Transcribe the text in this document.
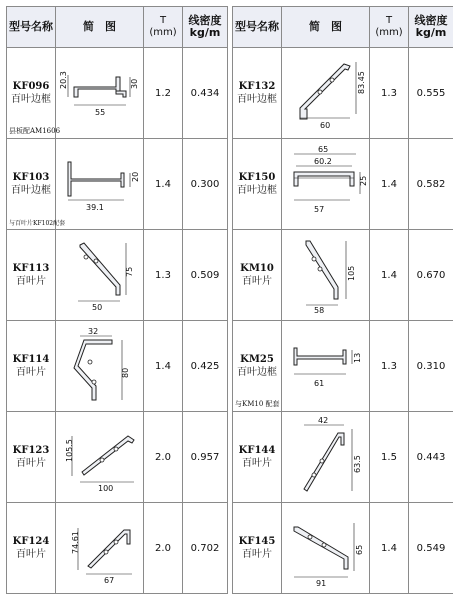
型号名称	简　图	T
(mm)	线密度
kg/m

KF096
百叶边框
县板配AM1606	20.3 30
55	1.2	0.434

KF103
百叶边框
与百叶片KF102配套	20
39.1	1.4	0.300

KF113
百叶片	75
50	1.3	0.509

KF114
百叶片	32
80	1.4	0.425

KF123
百叶片	105.5
100	2.0	0.957

KF124
百叶片	74.61
67	2.0	0.702
型号名称	简　图	T
(mm)	线密度
kg/m

KF132
百叶边框	83.45
60	1.3	0.555

KF150
百叶边框	65
60.2
25
57	1.4	0.582

KM10
百叶片	105
58	1.4	0.670

KM25
百叶边框
与KM10 配套	13
61	1.3	0.310

KF144
百叶片	42
63.5	1.5	0.443

KF145
百叶片	65
91	1.4	0.549
